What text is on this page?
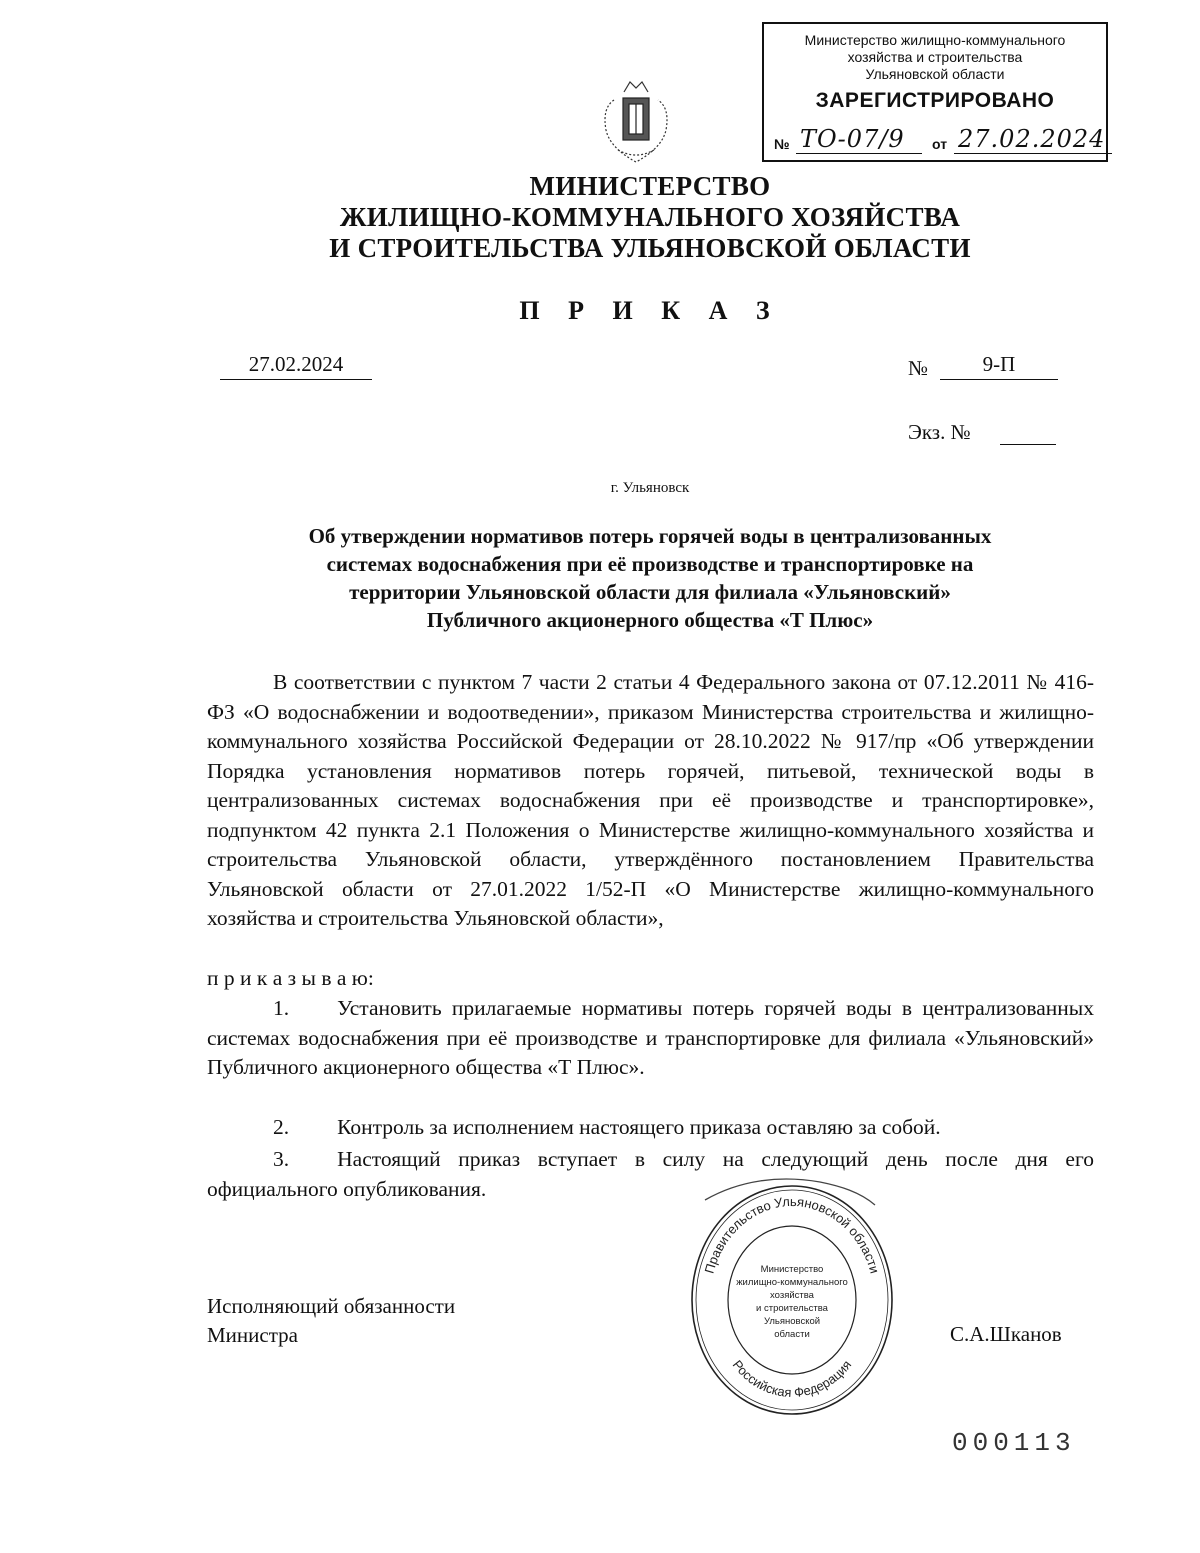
Министерство жилищно-коммунального
хозяйства и строительства
Ульяновской области
ЗАРЕГИСТРИРОВАНО
№ ТО-07/9	от 27.02.2024
МИНИСТЕРСТВО
ЖИЛИЩНО-КОММУНАЛЬНОГО ХОЗЯЙСТВА
И СТРОИТЕЛЬСТВА УЛЬЯНОВСКОЙ ОБЛАСТИ
П Р И К А З
27.02.2024	№	9-П
Экз. №
г. Ульяновск
Об утверждении нормативов потерь горячей воды в централизованных
системах водоснабжения при её производстве и транспортировке на
территории Ульяновской области для филиала «Ульяновский»
Публичного акционерного общества «Т Плюс»
В соответствии с пунктом 7 части 2 статьи 4 Федерального закона от 07.12.2011 № 416-ФЗ «О водоснабжении и водоотведении», приказом Министерства строительства и жилищно-коммунального хозяйства Российской Федерации от 28.10.2022 № 917/пр «Об утверждении Порядка установления нормативов потерь горячей, питьевой, технической воды в централизованных системах водоснабжения при её производстве и транспортировке», подпунктом 42 пункта 2.1 Положения о Министерстве жилищно-коммунального хозяйства и строительства Ульяновской области, утверждённого постановлением Правительства Ульяновской области от 27.01.2022 1/52-П «О Министерстве жилищно-коммунального хозяйства и строительства Ульяновской области»,
п р и к а з ы в а ю:
1. Установить прилагаемые нормативы потерь горячей воды в централизованных системах водоснабжения при её производстве и транспортировке для филиала «Ульяновский» Публичного акционерного общества «Т Плюс».
2. Контроль за исполнением настоящего приказа оставляю за собой.
3. Настоящий приказ вступает в силу на следующий день после дня его официального опубликования.
Исполняющий обязанности
Министра	С.А.Шканов
Правительство Ульяновской области
Российская Федерация
Министерство
жилищно-коммунального
хозяйства
и строительства
Ульяновской
области
000113
